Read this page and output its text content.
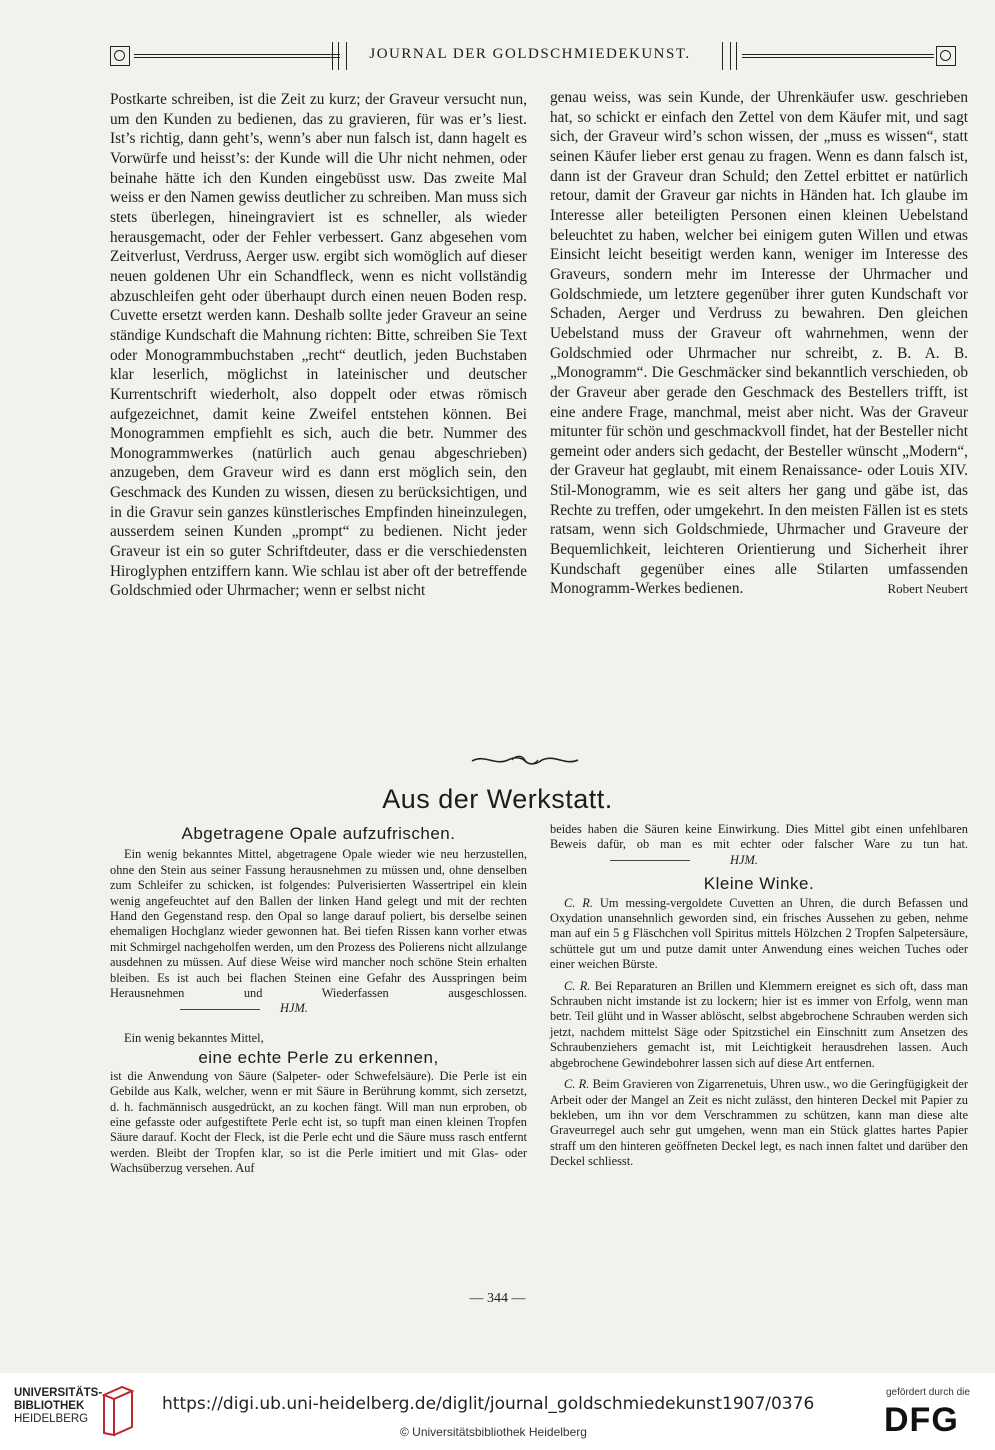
JOURNAL DER GOLDSCHMIEDEKUNST.

Postkarte schreiben, ist die Zeit zu kurz; der Graveur versucht nun, um den Kunden zu bedienen, das zu gravieren, für was er’s liest. Ist’s richtig, dann geht’s, wenn’s aber nun falsch ist, dann hagelt es Vorwürfe und heisst’s: der Kunde will die Uhr nicht nehmen, oder beinahe hätte ich den Kunden eingebüsst usw. Das zweite Mal weiss er den Namen gewiss deutlicher zu schreiben. Man muss sich stets überlegen, hineingraviert ist es schneller, als wieder herausgemacht, oder der Fehler verbessert. Ganz abgesehen vom Zeitverlust, Verdruss, Aerger usw. ergibt sich womöglich auf dieser neuen goldenen Uhr ein Schandfleck, wenn es nicht vollständig abzuschleifen geht oder überhaupt durch einen neuen Boden resp. Cuvette ersetzt werden kann. Deshalb sollte jeder Graveur an seine ständige Kundschaft die Mahnung richten: Bitte, schreiben Sie Text oder Monogrammbuchstaben „recht“ deutlich, jeden Buchstaben klar leserlich, möglichst in lateinischer und deutscher Kurrentschrift wiederholt, also doppelt oder etwas römisch aufgezeichnet, damit keine Zweifel entstehen können. Bei Monogrammen empfiehlt es sich, auch die betr. Nummer des Monogrammwerkes (natürlich auch genau abgeschrieben) anzugeben, dem Graveur wird es dann erst möglich sein, den Geschmack des Kunden zu wissen, diesen zu berücksichtigen, und in die Gravur sein ganzes künstlerisches Empfinden hineinzulegen, ausserdem seinen Kunden „prompt“ zu bedienen. Nicht jeder Graveur ist ein so guter Schriftdeuter, dass er die verschiedensten Hiroglyphen entziffern kann. Wie schlau ist aber oft der betreffende Goldschmied oder Uhrmacher; wenn er selbst nicht

genau weiss, was sein Kunde, der Uhrenkäufer usw. geschrieben hat, so schickt er einfach den Zettel von dem Käufer mit, und sagt sich, der Graveur wird’s schon wissen, der „muss es wissen“, statt seinen Käufer lieber erst genau zu fragen. Wenn es dann falsch ist, dann ist der Graveur dran Schuld; den Zettel erbittet er natürlich retour, damit der Graveur gar nichts in Händen hat. Ich glaube im Interesse aller beteiligten Personen einen kleinen Uebelstand beleuchtet zu haben, welcher bei einigem guten Willen und etwas Einsicht leicht beseitigt werden kann, weniger im Interesse des Graveurs, sondern mehr im Interesse der Uhrmacher und Goldschmiede, um letztere gegenüber ihrer guten Kundschaft vor Schaden, Aerger und Verdruss zu bewahren. Den gleichen Uebelstand muss der Graveur oft wahrnehmen, wenn der Goldschmied oder Uhrmacher nur schreibt, z. B. A. B. „Monogramm“. Die Geschmäcker sind bekanntlich verschieden, ob der Graveur aber gerade den Geschmack des Bestellers trifft, ist eine andere Frage, manchmal, meist aber nicht. Was der Graveur mitunter für schön und geschmackvoll findet, hat der Besteller nicht gemeint oder anders sich gedacht, der Besteller wünscht „Modern“, der Graveur hat geglaubt, mit einem Renaissance- oder Louis XIV. Stil-Monogramm, wie es seit alters her gang und gäbe ist, das Rechte zu treffen, oder umgekehrt. In den meisten Fällen ist es stets ratsam, wenn sich Goldschmiede, Uhrmacher und Graveure der Bequemlichkeit, leichteren Orientierung und Sicherheit ihrer Kundschaft gegenüber eines alle Stilarten umfassenden Monogramm-Werkes bedienen.	Robert Neubert

Aus der Werkstatt.
Abgetragene Opale aufzufrischen.

Ein wenig bekanntes Mittel, abgetragene Opale wieder wie neu herzustellen, ohne den Stein aus seiner Fassung herausnehmen zu müssen und, ohne denselben zum Schleifer zu schicken, ist folgendes: Pulverisierten Wassertripel ein klein wenig angefeuchtet auf den Ballen der linken Hand gelegt und mit der rechten Hand den Gegenstand resp. den Opal so lange darauf poliert, bis derselbe seinen ehemaligen Hochglanz wieder gewonnen hat. Bei tiefen Rissen kann vorher etwas mit Schmirgel nachgeholfen werden, um den Prozess des Polierens nicht allzulange ausdehnen zu müssen. Auf diese Weise wird mancher noch schöne Stein erhalten bleiben. Es ist auch bei flachen Steinen eine Gefahr des Ausspringen beim Herausnehmen und Wiederfassen ausgeschlossen.HJM.

Ein wenig bekanntes Mittel,

eine echte Perle zu erkennen,

ist die Anwendung von Säure (Salpeter- oder Schwefelsäure). Die Perle ist ein Gebilde aus Kalk, welcher, wenn er mit Säure in Berührung kommt, sich zersetzt, d. h. fachmännisch ausgedrückt, an zu kochen fängt. Will man nun erproben, ob eine gefasste oder aufgestiftete Perle echt ist, so tupft man einen kleinen Tropfen Säure darauf. Kocht der Fleck, ist die Perle echt und die Säure muss rasch entfernt werden. Bleibt der Tropfen klar, so ist die Perle imitiert und mit Glas- oder Wachsüberzug versehen. Auf

beides haben die Säuren keine Einwirkung. Dies Mittel gibt einen unfehlbaren Beweis dafür, ob man es mit echter oder falscher Ware zu tun hat.HJM.

Kleine Winke.

C. R. Um messing-vergoldete Cuvetten an Uhren, die durch Befassen und Oxydation unansehnlich geworden sind, ein frisches Aussehen zu geben, nehme man auf ein 5 g Fläschchen voll Spiritus mittels Hölzchen 2 Tropfen Salpetersäure, schüttele gut um und putze damit unter Anwendung eines weichen Tuches oder einer weichen Bürste.

C. R. Bei Reparaturen an Brillen und Klemmern ereignet es sich oft, dass man Schrauben nicht imstande ist zu lockern; hier ist es immer von Erfolg, wenn man betr. Teil glüht und in Wasser ablöscht, selbst abgebrochene Schrauben werden sich jetzt, nachdem mittelst Säge oder Spitzstichel ein Einschnitt zum Ansetzen des Schraubenziehers gemacht ist, mit Leichtigkeit herausdrehen lassen. Auch abgebrochene Gewindebohrer lassen sich auf diese Art entfernen.

C. R. Beim Gravieren von Zigarrenetuis, Uhren usw., wo die Geringfügigkeit der Arbeit oder der Mangel an Zeit es nicht zulässt, den hinteren Deckel mit Papier zu bekleben, um ihn vor dem Verschrammen zu schützen, kann man diese alte Graveurregel auch sehr gut umgehen, wenn man ein Stück glattes hartes Papier straff um den hinteren geöffneten Deckel legt, es nach innen faltet und darüber den Deckel schliesst.

— 344 —
UNIVERSITÄTS-
BIBLIOTHEK
HEIDELBERG
https://digi.ub.uni-heidelberg.de/diglit/journal_goldschmiedekunst1907/0376
© Universitätsbibliothek Heidelberg
gefördert durch die
DFG
